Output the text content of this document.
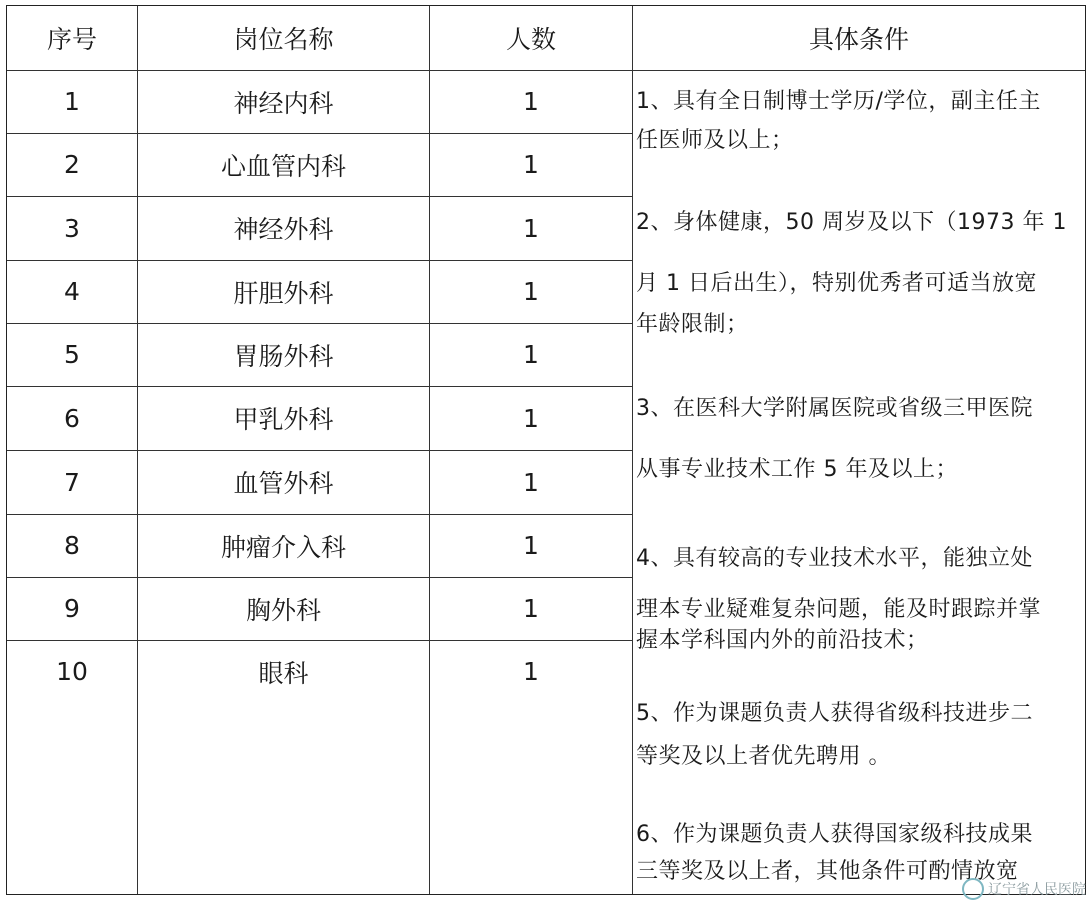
序号	岗位名称	人数	具体条件
1	神经内科	1
2	心血管内科	1
3	神经外科	1
4	肝胆外科	1
5	胃肠外科	1
6	甲乳外科	1
7	血管外科	1
8	肿瘤介入科	1
9	胸外科	1
10	眼科	1
1、具有全日制博士学历/学位，副主任主
任医师及以上；
2、身体健康，50 周岁及以下（1973 年 1
月 1 日后出生），特别优秀者可适当放宽
年龄限制；
3、在医科大学附属医院或省级三甲医院
从事专业技术工作 5 年及以上；
4、具有较高的专业技术水平，能独立处
理本专业疑难复杂问题，能及时跟踪并掌
握本学科国内外的前沿技术；
5、作为课题负责人获得省级科技进步二
等奖及以上者优先聘用 。
6、作为课题负责人获得国家级科技成果
三等奖及以上者，其他条件可酌情放宽
辽宁省人民医院
